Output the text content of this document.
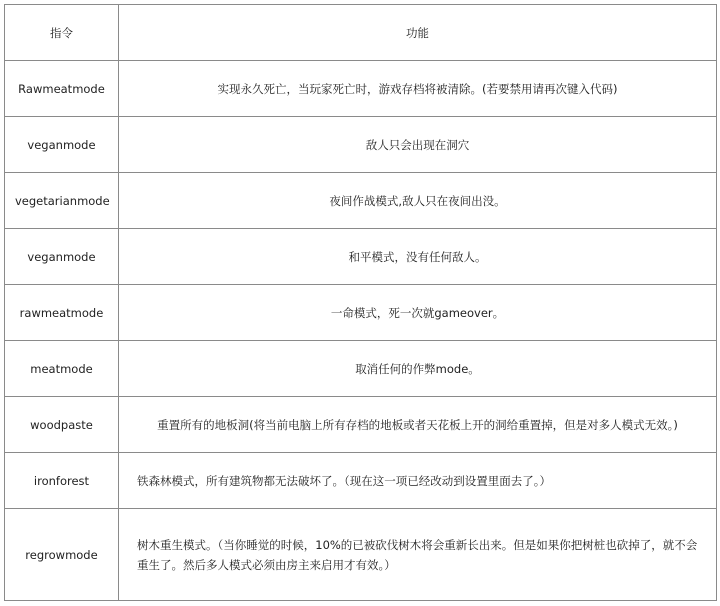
指令	功能
Rawmeatmode	实现永久死亡，当玩家死亡时，游戏存档将被清除。(若要禁用请再次键入代码)
veganmode	敌人只会出现在洞穴
vegetarianmode	夜间作战模式,敌人只在夜间出没。
veganmode	和平模式，没有任何敌人。
rawmeatmode	一命模式，死一次就gameover。
meatmode	取消任何的作弊mode。
woodpaste	重置所有的地板洞(将当前电脑上所有存档的地板或者天花板上开的洞给重置掉，但是对多人模式无效。)
ironforest	铁森林模式，所有建筑物都无法破坏了。（现在这一项已经改动到设置里面去了。）
regrowmode	树木重生模式。（当你睡觉的时候，10%的已被砍伐树木将会重新长出来。但是如果你把树桩也砍掉了，就不会重生了。然后多人模式必须由房主来启用才有效。）
